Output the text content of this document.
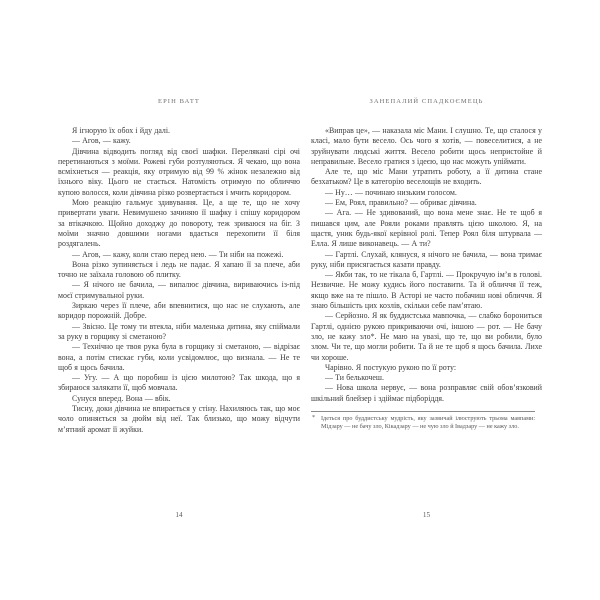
ЕРІН ВАТТ

Я ігнорую їх обох і йду далі.

— Агов, — кажу.

Дівчина відводить погляд від своєї шафки. Перелякані сірі очі перетинаються з моїми. Рожеві губи розтуляються. Я чекаю, що вона всміхнеться — реакція, яку отримую від 99 % жінок незалежно від їхнього віку. Цього не стається. Натомість отримую по обличчю купою волосся, коли дівчина різко розвертається і мчить коридором.

Мою реакцію гальмує здивування. Це, а ще те, що не хочу привертати уваги. Невимушено зачиняю її шафку і спішу коридором за втікачкою. Щойно доходжу до повороту, теж зриваюся на біг. З моїми значно довшими ногами вдається перехопити її біля роздягалень.

— Агов, — кажу, коли стаю перед нею. — Ти ніби на пожежі.

Вона різко зупиняється і ледь не падає. Я хапаю її за плече, аби точно не заїхала головою об плитку.

— Я нічого не бачила, — випалює дівчина, вириваючись із-під моєї стримувальної руки.

Зиркаю через її плече, аби впевнитися, що нас не слухають, але коридор порожній. Добре.

— Звісно. Це тому ти втекла, ніби маленька дитина, яку спіймали за руку в горщику зі сметаною?

— Технічно це твоя рука була в горщику зі сметаною, — відрізає вона, а потім стискає губи, коли усвідомлює, що визнала. — Не те щоб я щось бачила.

— Угу. — А що поробиш із цією милотою? Так шкода, що я збираюся залякати її, щоб мовчала.

Сунуся вперед. Вона — вбік.

Тисну, доки дівчина не впирається у стіну. Нахиляюсь так, що моє чоло опиняється за дюйм від неї. Так близько, що можу відчути м’ятний аромат її жуйки.

14
ЗАНЕПАЛИЙ СПАДКОЄМЕЦЬ

«Виправ це», — наказала міс Мани. І слушно. Те, що сталося у класі, мало бути весело. Ось чого я хотів, — повеселитися, а не зруйнувати людські життя. Весело робити щось непристойне й неправильне. Весело гратися з ідеєю, що нас можуть упіймати.

Але те, що міс Мани утратить роботу, а її дитина стане безхатьком? Це в категорію веселощів не входить.

— Ну… — починаю низьким голосом.

— Ем, Роял, правильно? — обриває дівчина.

— Ага. — Не здивований, що вона мене знає. Не те щоб я пишався цим, але Рояли роками правлять цією школою. Я, на щастя, уник будь-якої керівної ролі. Тепер Роял біля штурвала — Елла. Я лише виконавець. — А ти?

— Гартлі. Слухай, клянуся, я нічого не бачила, — вона тримає руку, ніби присягається казати правду.

— Якби так, то не тікала б, Гартлі. — Прокручую ім’я в голові. Незвичне. Не можу кудись його поставити. Та й обличчя її теж, якщо вже на те пішло. В Асторі не часто побачиш нові обличчя. Я знаю більшість цих козлів, скільки себе пам’ятаю.

— Серйозно. Я як буддистська мавпочка, — слабко борониться Гартлі, однією рукою прикриваючи очі, іншою — рот. — Не бачу зло, не кажу зло*. Не маю на увазі, що те, що ви робили, було злом. Чи те, що могли робити. Та й не те щоб я щось бачила. Лихе чи хороше.

Чарівно. Я постукую рукою по її роту:

— Ти белькочеш.

— Нова школа нервує, — вона розправляє свій обов’язковий шкільний блейзер і здіймає підборіддя.

* Ідеться про буддистську мудрість, яку зазвичай ілюструють трьома мавпами: Мідзару — не бачу зло, Кікадзару — не чую зло й Івадзару — не кажу зло.
15
